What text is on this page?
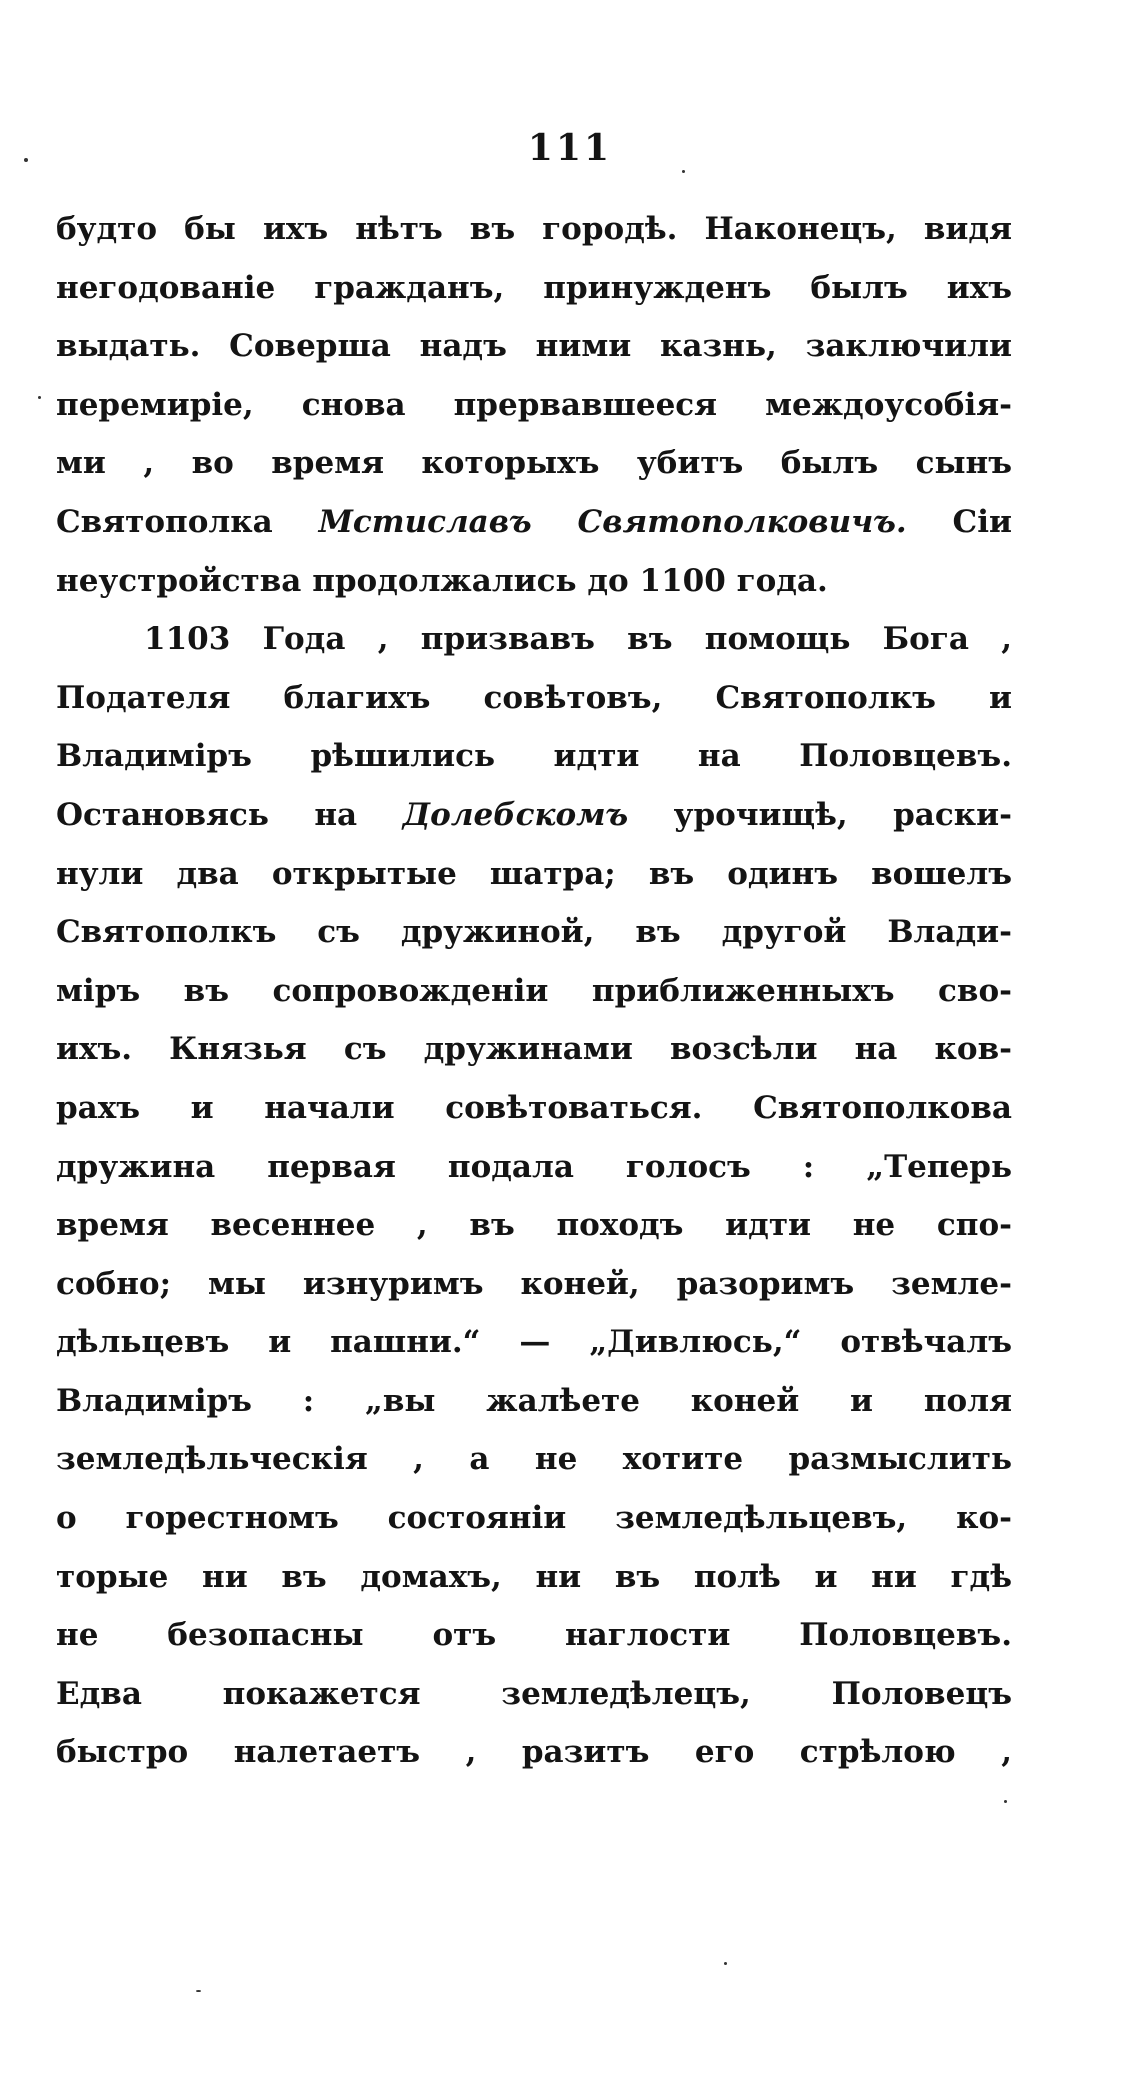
111
будто бы ихъ нѣтъ въ городѣ. Наконецъ, видя
негодованіе гражданъ, принужденъ былъ ихъ
выдать. Совершa надъ ними казнь, заключили
перемиріе, снова прервавшееся междоусобія-
ми , во время которыхъ убитъ былъ сынъ
Святополка Мстиславъ Святополковичъ. Сіи
неустройства продолжались до 1100 года.
1103 Года , призвавъ въ помощь Бога ,
Подателя благихъ совѣтовъ, Святополкъ и
Владиміръ рѣшились идти на Половцевъ.
Остановясь на Долебскомъ урочищѣ, раски-
нули два открытые шатра; въ одинъ вошелъ
Святополкъ съ дружиной, въ другой Влади-
міръ въ сопровожденіи приближенныхъ сво-
ихъ. Князья съ дружинами возсѣли на ков-
рахъ и начали совѣтоваться. Святополкова
дружина первая подала голосъ : „Теперь
время весеннее , въ походъ идти не спо-
собно; мы изнуримъ коней, разоримъ земле-
дѣльцевъ и пашни.“ — „Дивлюсь,“ отвѣчалъ
Владиміръ : „вы жалѣете коней и поля
земледѣльческія , а не хотите размыслить
о горестномъ состояніи земледѣльцевъ, ко-
торые ни въ домахъ, ни въ полѣ и ни гдѣ
не безопасны отъ наглости Половцевъ.
Едва покажется земледѣлецъ, Половецъ
быстро налетаетъ , разитъ его стрѣлою ,
